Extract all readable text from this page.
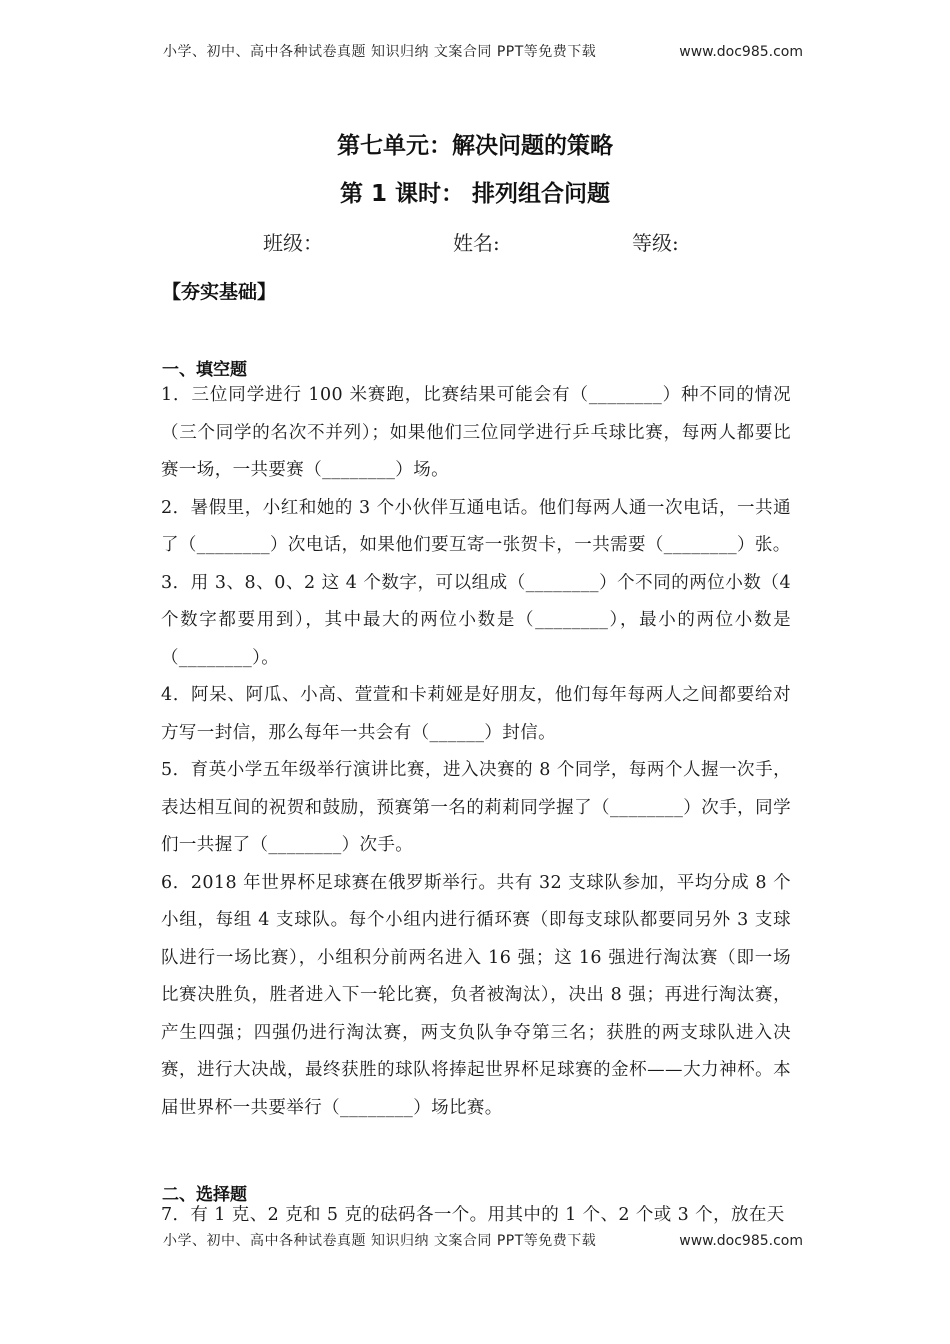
小学、初中、高中各种试卷真题 知识归纳 文案合同 PPT等免费下载	www.doc985.com
第七单元：解决问题的策略
第 1 课时： 排列组合问题
班级：	姓名:	等级:
【夯实基础】
一、填空题

1．三位同学进行 100 米赛跑，比赛结果可能会有（________）种不同的情况（三个同学的名次不并列）；如果他们三位同学进行乒乓球比赛，每两人都要比赛一场，一共要赛（________）场。

2．暑假里，小红和她的 3 个小伙伴互通电话。他们每两人通一次电话，一共通了（________）次电话，如果他们要互寄一张贺卡，一共需要（________）张。

3．用 3、8、0、2 这 4 个数字，可以组成（________）个不同的两位小数（4 个数字都要用到），其中最大的两位小数是（________），最小的两位小数是（________）。

4．阿呆、阿瓜、小高、萱萱和卡莉娅是好朋友，他们每年每两人之间都要给对方写一封信，那么每年一共会有（______）封信。

5．育英小学五年级举行演讲比赛，进入决赛的 8 个同学，每两个人握一次手，表达相互间的祝贺和鼓励，预赛第一名的莉莉同学握了（________）次手，同学们一共握了（________）次手。

6．2018 年世界杯足球赛在俄罗斯举行。共有 32 支球队参加，平均分成 8 个小组，每组 4 支球队。每个小组内进行循环赛（即每支球队都要同另外 3 支球队进行一场比赛），小组积分前两名进入 16 强；这 16 强进行淘汰赛（即一场比赛决胜负，胜者进入下一轮比赛，负者被淘汰），决出 8 强；再进行淘汰赛，产生四强；四强仍进行淘汰赛，两支负队争夺第三名；获胜的两支球队进入决赛，进行大决战，最终获胜的球队将捧起世界杯足球赛的金杯——大力神杯。本届世界杯一共要举行（________）场比赛。

二、选择题

7．有 1 克、2 克和 5 克的砝码各一个。用其中的 1 个、2 个或 3 个，放在天

小学、初中、高中各种试卷真题 知识归纳 文案合同 PPT等免费下载	www.doc985.com
